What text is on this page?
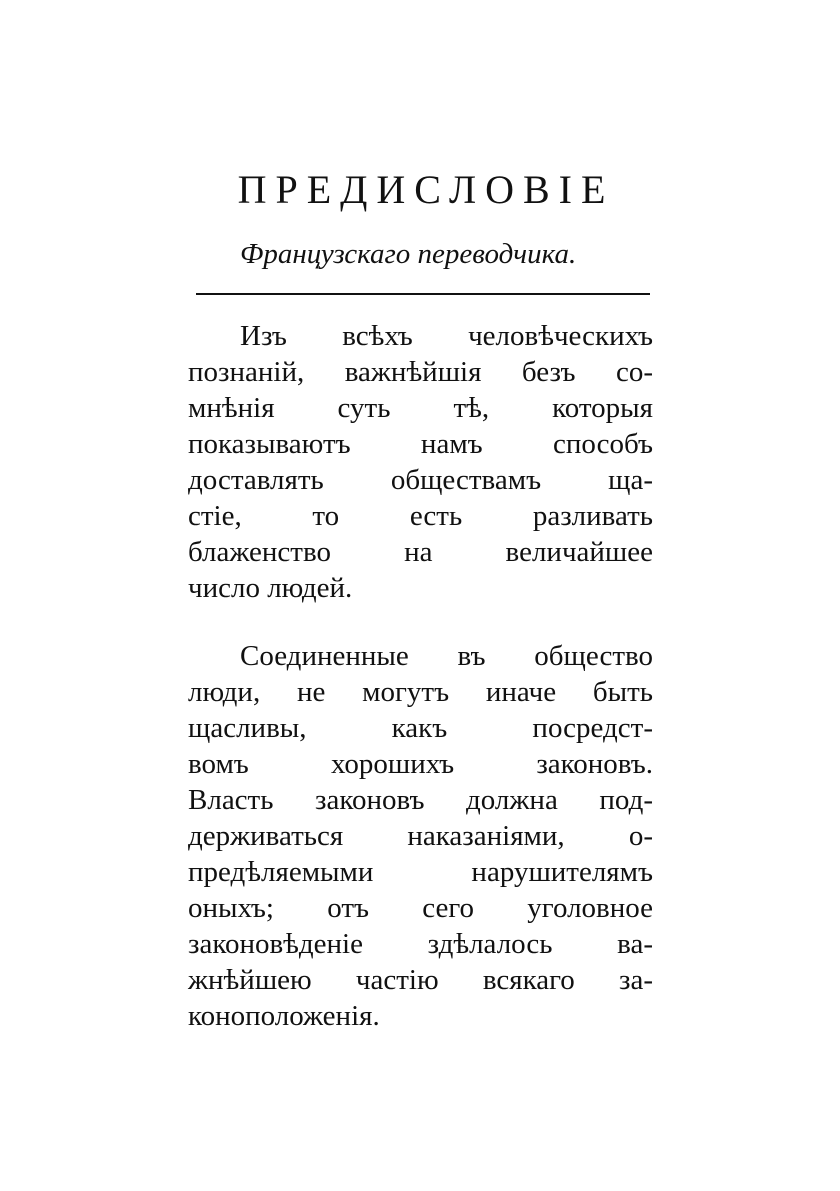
ПРЕДИСЛОВІЕ
Французскаго переводчика.
Изъ всѣхъ человѣческихъ
познаній, важнѣйшія безъ со-
мнѣнія суть тѣ, которыя
показываютъ намъ способъ
доставлять обществамъ щa-
стіе, то есть разливать
блаженство на величайшее
число людей.
Соединенные въ общество
люди, не могутъ иначе быть
щасливы, какъ посредст-
вомъ хорошихъ законовъ.
Власть законовъ должна под-
держиваться наказаніями, о-
предѣляемыми нарушителямъ
оныхъ; отъ сего уголовное
законовѣденіе здѣлалось ва-
жнѣйшею частію всякаго за-
коноположенія.
